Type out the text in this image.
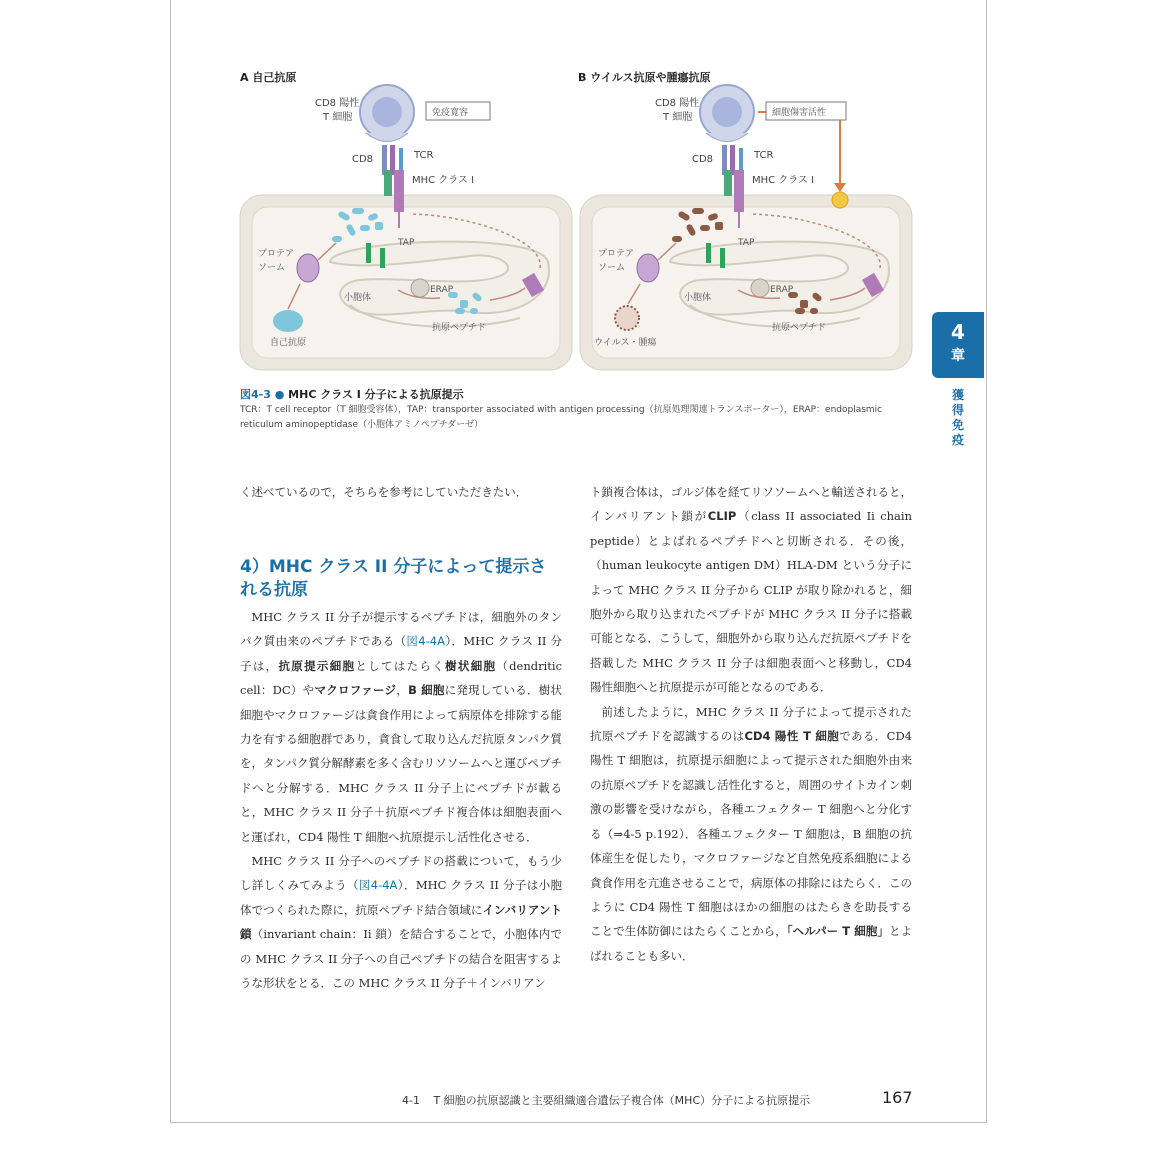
CD8 陽性
T 細胞	免疫寛容
TCR
CD8
MHC クラス I
TAP
プロテア
ソーム
小胞体
ERAP
抗原ペプチド
自己抗原
CD8 陽性
T 細胞	細胞傷害活性
TCR
CD8
MHC クラス I
TAP
プロテア
ソーム
小胞体
ERAP
抗原ペプチド
ウイルス・腫瘍
A 自己抗原	B ウイルス抗原や腫瘍抗原
図4-3 ● MHC クラス I 分子による抗原提示
TCR：T cell receptor（T 細胞受容体），TAP：transporter associated with antigen processing（抗原処理関連トランスポーター），ERAP：endoplasmic reticulum aminopeptidase（小胞体アミノペプチダーゼ）

く述べているので，そちらを参考にしていただきたい．

4）MHC クラス II 分子によって提示される抗原

MHC クラス II 分子が提示するペプチドは，細胞外のタンパク質由来のペプチドである（図4-4A）．MHC クラス II 分子は，抗原提示細胞としてはたらく樹状細胞（dendritic cell：DC）やマクロファージ，B 細胞に発現している．樹状細胞やマクロファージは貪食作用によって病原体を排除する能力を有する細胞群であり，貪食して取り込んだ抗原タンパク質を，タンパク質分解酵素を多く含むリソソームへと運びペプチドへと分解する．MHC クラス II 分子上にペプチドが載ると，MHC クラス II 分子＋抗原ペプチド複合体は細胞表面へと運ばれ，CD4 陽性 T 細胞へ抗原提示し活性化させる．

MHC クラス II 分子へのペプチドの搭載について，もう少し詳しくみてみよう（図4-4A）．MHC クラス II 分子は小胞体でつくられた際に，抗原ペプチド結合領域にインバリアント鎖（invariant chain：Ii 鎖）を結合することで，小胞体内での MHC クラス II 分子への自己ペプチドの結合を阻害するような形状をとる．この MHC クラス II 分子＋インバリアン

ト鎖複合体は，ゴルジ体を経てリソソームへと輸送されると，インバリアント鎖がCLIP（class II associated Ii chain peptide）とよばれるペプチドへと切断される．その後，（human leukocyte antigen DM）HLA-DM という分子によって MHC クラス II 分子から CLIP が取り除かれると，細胞外から取り込まれたペプチドが MHC クラス II 分子に搭載可能となる．こうして，細胞外から取り込んだ抗原ペプチドを搭載した MHC クラス II 分子は細胞表面へと移動し，CD4 陽性細胞へと抗原提示が可能となるのである．

前述したように，MHC クラス II 分子によって提示された抗原ペプチドを認識するのはCD4 陽性 T 細胞である．CD4 陽性 T 細胞は，抗原提示細胞によって提示された細胞外由来の抗原ペプチドを認識し活性化すると，周囲のサイトカイン刺激の影響を受けながら，各種エフェクター T 細胞へと分化する（⇒4-5 p.192）．各種エフェクター T 細胞は，B 細胞の抗体産生を促したり，マクロファージなど自然免疫系細胞による貪食作用を亢進させることで，病原体の排除にはたらく．このように CD4 陽性 T 細胞はほかの細胞のはたらきを助長することで生体防御にはたらくことから，「ヘルパー T 細胞」とよばれることも多い．

4
章
獲得免疫
4-1 T 細胞の抗原認識と主要組織適合遺伝子複合体（MHC）分子による抗原提示	167
